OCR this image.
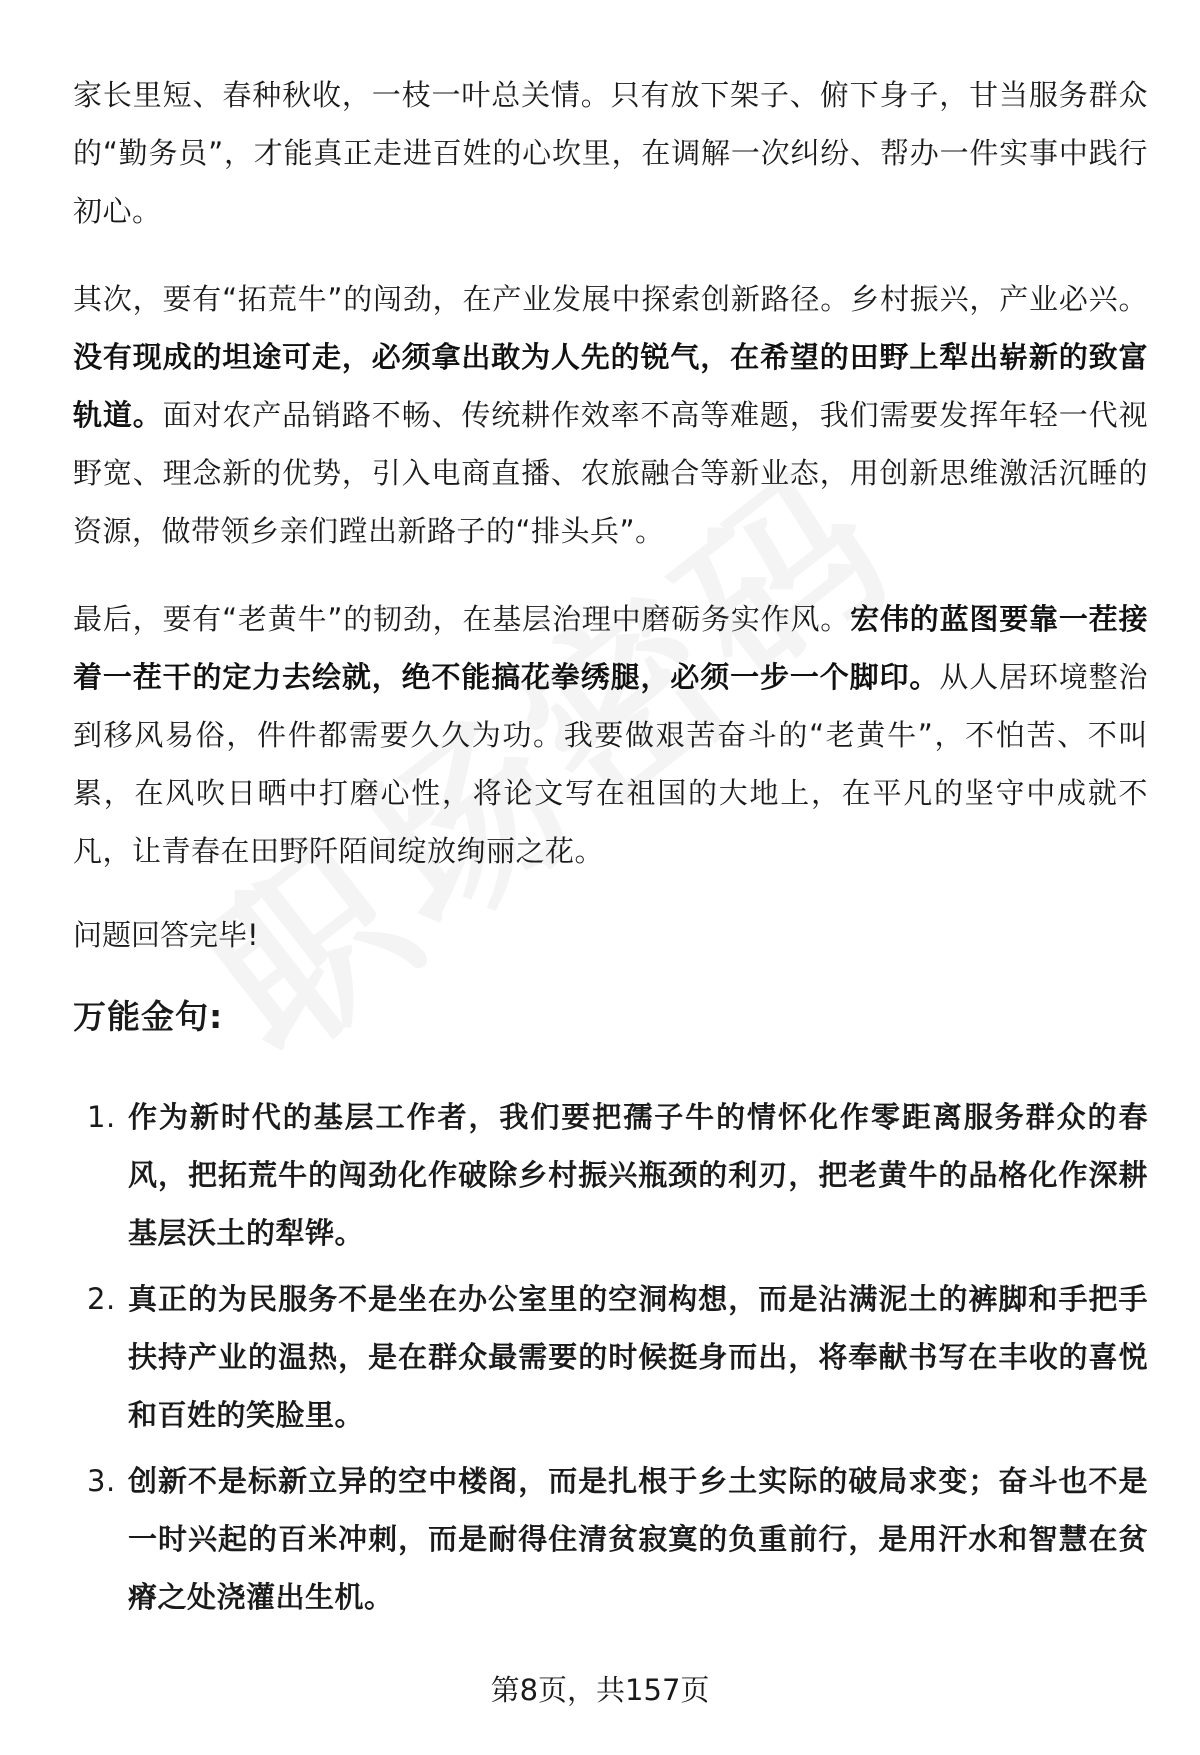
家长里短、春种秋收，一枝一叶总关情。只有放下架子、俯下身子，甘当服务群众的“勤务员”，才能真正走进百姓的心坎里，在调解一次纠纷、帮办一件实事中践行初心。

其次，要有“拓荒牛”的闯劲，在产业发展中探索创新路径。乡村振兴，产业必兴。没有现成的坦途可走，必须拿出敢为人先的锐气，在希望的田野上犁出崭新的致富轨道。面对农产品销路不畅、传统耕作效率不高等难题，我们需要发挥年轻一代视野宽、理念新的优势，引入电商直播、农旅融合等新业态，用创新思维激活沉睡的资源，做带领乡亲们蹚出新路子的“排头兵”。

最后，要有“老黄牛”的韧劲，在基层治理中磨砺务实作风。宏伟的蓝图要靠一茬接着一茬干的定力去绘就，绝不能搞花拳绣腿，必须一步一个脚印。从人居环境整治到移风易俗，件件都需要久久为功。我要做艰苦奋斗的“老黄牛”，不怕苦、不叫累，在风吹日晒中打磨心性，将论文写在祖国的大地上，在平凡的坚守中成就不凡，让青春在田野阡陌间绽放绚丽之花。

问题回答完毕!

万能金句:
1. 作为新时代的基层工作者，我们要把孺子牛的情怀化作零距离服务群众的春风，把拓荒牛的闯劲化作破除乡村振兴瓶颈的利刃，把老黄牛的品格化作深耕基层沃土的犁铧。
2. 真正的为民服务不是坐在办公室里的空洞构想，而是沾满泥土的裤脚和手把手扶持产业的温热，是在群众最需要的时候挺身而出，将奉献书写在丰收的喜悦和百姓的笑脸里。
3. 创新不是标新立异的空中楼阁，而是扎根于乡土实际的破局求变；奋斗也不是一时兴起的百米冲刺，而是耐得住清贫寂寞的负重前行，是用汗水和智慧在贫瘠之处浇灌出生机。
第8页，共157页
